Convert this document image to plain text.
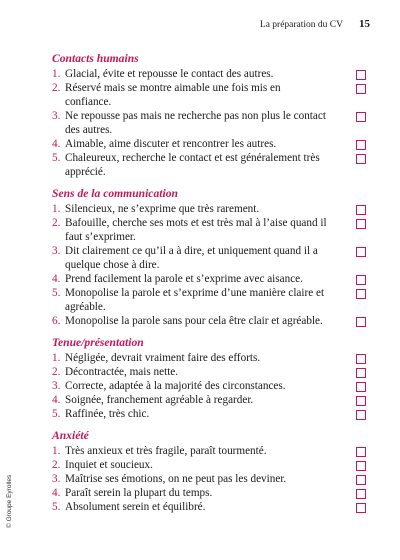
La préparation du CV 15
Contacts humains
1. Glacial, évite et repousse le contact des autres.
2. Réservé mais se montre aimable une fois mis en confiance.
3. Ne repousse pas mais ne recherche pas non plus le contact des autres.
4. Aimable, aime discuter et rencontrer les autres.
5. Chaleureux, recherche le contact et est généralement très apprécié.
Sens de la communication
1. Silencieux, ne s’exprime que très rarement.
2. Bafouille, cherche ses mots et est très mal à l’aise quand il faut s’exprimer.
3. Dit clairement ce qu’il a à dire, et uniquement quand il a quelque chose à dire.
4. Prend facilement la parole et s’exprime avec aisance.
5. Monopolise la parole et s’exprime d’une manière claire et agréable.
6. Monopolise la parole sans pour cela être clair et agréable.
Tenue/présentation
1. Négligée, devrait vraiment faire des efforts.
2. Décontractée, mais nette.
3. Correcte, adaptée à la majorité des circonstances.
4. Soignée, franchement agréable à regarder.
5. Raffinée, très chic.
Anxiété
1. Très anxieux et très fragile, paraît tourmenté.
2. Inquiet et soucieux.
3. Maîtrise ses émotions, on ne peut pas les deviner.
4. Paraît serein la plupart du temps.
5. Absolument serein et équilibré.
© Groupe Eyrolles
